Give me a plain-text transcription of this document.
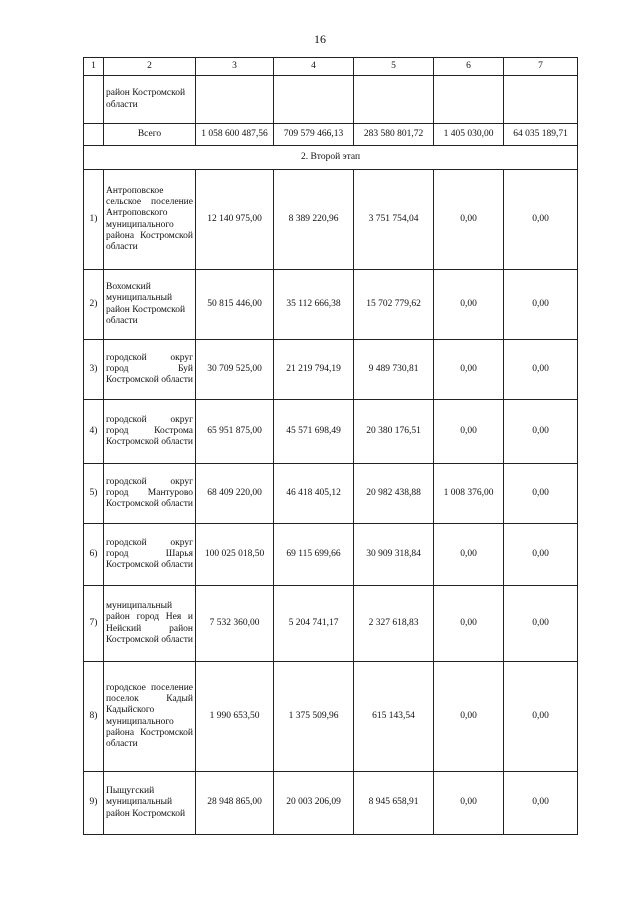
16
1	2	3	4	5	6	7
	район Костромской области					
	Всего	1 058 600 487,56	709 579 466,13	283 580 801,72	1 405 030,00	64 035 189,71
2. Второй этап						
1)	Антроповское сельское поселение Антроповского муниципального района Костромской области	12 140 975,00	8 389 220,96	3 751 754,04	0,00	0,00
2)	Вохомский муниципальный район Костромской области	50 815 446,00	35 112 666,38	15 702 779,62	0,00	0,00
3)	городской округ город Буй Костромской области	30 709 525,00	21 219 794,19	9 489 730,81	0,00	0,00
4)	городской округ город Кострома Костромской области	65 951 875,00	45 571 698,49	20 380 176,51	0,00	0,00
5)	городской округ город Мантурово Костромской области	68 409 220,00	46 418 405,12	20 982 438,88	1 008 376,00	0,00
6)	городской округ город Шарья Костромской области	100 025 018,50	69 115 699,66	30 909 318,84	0,00	0,00
7)	муниципальный район город Нея и Нейский район Костромской области	7 532 360,00	5 204 741,17	2 327 618,83	0,00	0,00
8)	городское поселение поселок Кадый Кадыйского муниципального района Костромской области	1 990 653,50	1 375 509,96	615 143,54	0,00	0,00
9)	Пыщугский муниципальный район Костромской	28 948 865,00	20 003 206,09	8 945 658,91	0,00	0,00
